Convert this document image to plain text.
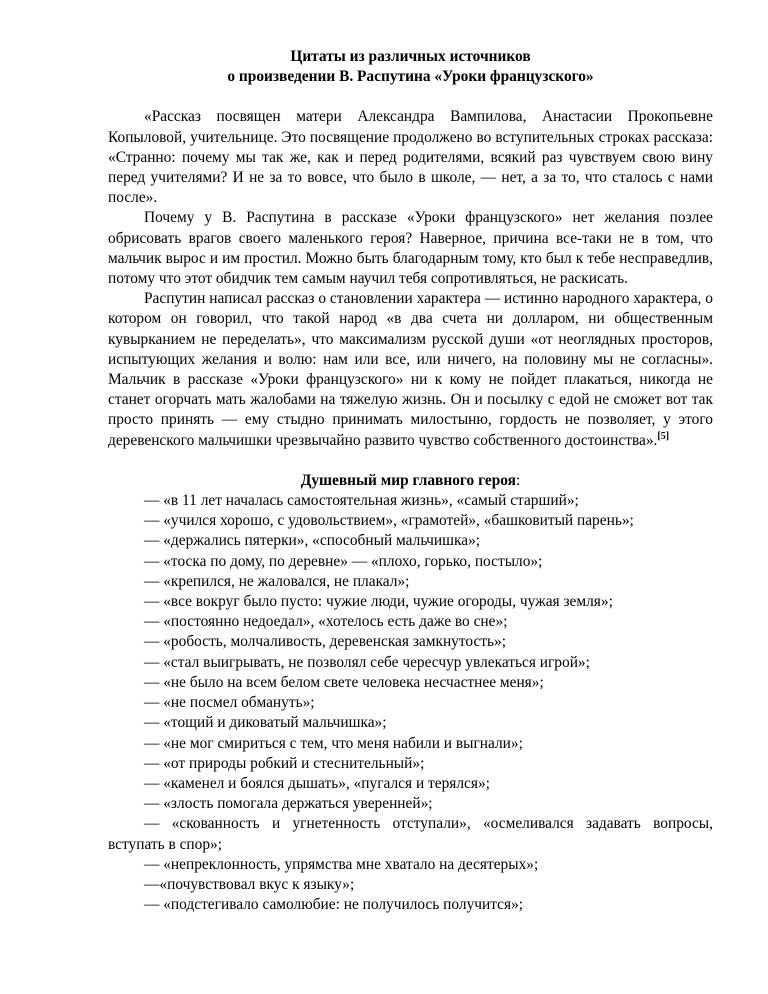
Цитаты из различных источников
о произведении В. Распутина «Уроки французского»

«Рассказ посвящен матери Александра Вампилова, Анастасии Прокопьевне Копыловой, учительнице. Это посвящение продолжено во вступительных строках рассказа: «Странно: почему мы так же, как и перед родителями, всякий раз чувствуем свою вину перед учителями? И не за то вовсе, что было в школе, — нет, а за то, что сталось с нами после».

Почему у В. Распутина в рассказе «Уроки французского» нет желания позлее обрисовать врагов своего маленького героя? Наверное, причина все-таки не в том, что мальчик вырос и им простил. Можно быть благодарным тому, кто был к тебе несправедлив, потому что этот обидчик тем самым научил тебя сопротивляться, не раскисать.

Распутин написал рассказ о становлении характера — истинно народного характера, о котором он говорил, что такой народ «в два счета ни долларом, ни общественным кувырканием не переделать», что максимализм русской души «от неоглядных просторов, испытующих желания и волю: нам или все, или ничего, на половину мы не согласны». Мальчик в рассказе «Уроки французского» ни к кому не пойдет плакаться, никогда не станет огорчать мать жалобами на тяжелую жизнь. Он и посылку с едой не сможет вот так просто принять — ему стыдно принимать милостыню, гордость не позволяет, у этого деревенского мальчишки чрезвычайно развито чувство собственного достоинства».[5]

Душевный мир главного героя:

— «в 11 лет началась самостоятельная жизнь», «самый старший»;
— «учился хорошо, с удовольствием», «грамотей», «башковитый парень»;
— «держались пятерки», «способный мальчишка»;
— «тоска по дому, по деревне» — «плохо, горько, постыло»;
— «крепился, не жаловался, не плакал»;
— «все вокруг было пусто: чужие люди, чужие огороды, чужая земля»;
— «постоянно недоедал», «хотелось есть даже во сне»;
— «робость, молчаливость, деревенская замкнутость»;
— «стал выигрывать, не позволял себе чересчур увлекаться игрой»;
— «не было на всем белом свете человека несчастнее меня»;
— «не посмел обмануть»;
— «тощий и диковатый мальчишка»;
— «не мог смириться с тем, что меня набили и выгнали»;
— «от природы робкий и стеснительный»;
— «каменел и боялся дышать», «пугался и терялся»;
— «злость помогала держаться уверенней»;
— «скованность и угнетенность отступали», «осмеливался задавать вопросы, вступать в спор»;
— «непреклонность, упрямства мне хватало на десятерых»;
—«почувствовал вкус к языку»;
— «подстегивало самолюбие: не получилось получится»;
